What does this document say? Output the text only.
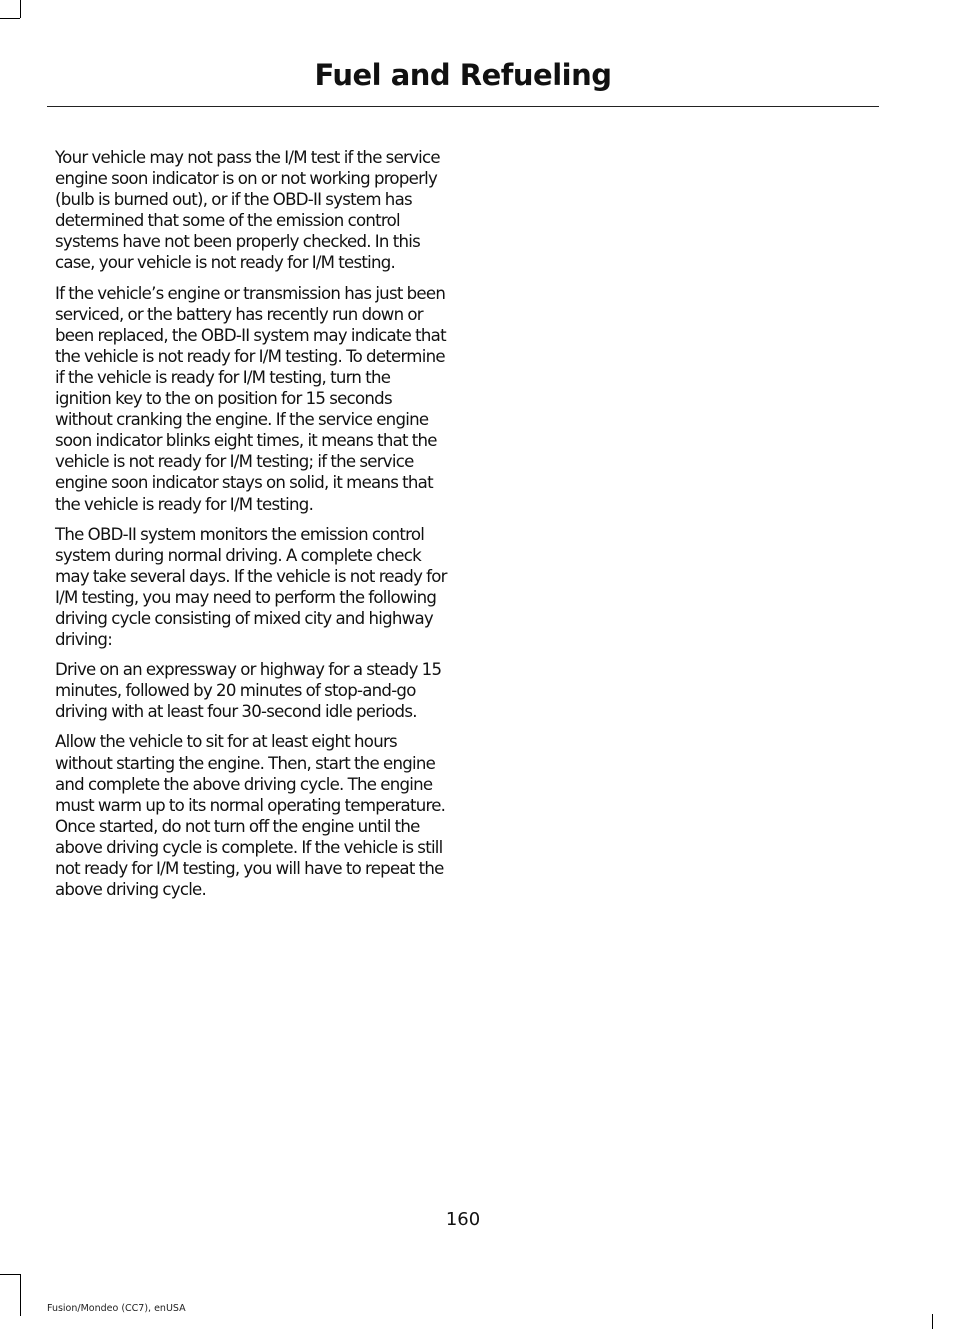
Fuel and Refueling

Your vehicle may not pass the I/M test if the service engine soon indicator is on or not working properly (bulb is burned out), or if the OBD-II system has determined that some of the emission control systems have not been properly checked. In this case, your vehicle is not ready for I/M testing.

If the vehicle’s engine or transmission has just been serviced, or the battery has recently run down or been replaced, the OBD-II system may indicate that the vehicle is not ready for I/M testing. To determine if the vehicle is ready for I/M testing, turn the ignition key to the on position for 15 seconds without cranking the engine. If the service engine soon indicator blinks eight times, it means that the vehicle is not ready for I/M testing; if the service engine soon indicator stays on solid, it means that the vehicle is ready for I/M testing.

The OBD-II system monitors the emission control system during normal driving. A complete check may take several days. If the vehicle is not ready for I/M testing, you may need to perform the following driving cycle consisting of mixed city and highway driving:

Drive on an expressway or highway for a steady 15 minutes, followed by 20 minutes of stop-and-go driving with at least four 30-second idle periods.

Allow the vehicle to sit for at least eight hours without starting the engine. Then, start the engine and complete the above driving cycle. The engine must warm up to its normal operating temperature. Once started, do not turn off the engine until the above driving cycle is complete. If the vehicle is still not ready for I/M testing, you will have to repeat the above driving cycle.

160
Fusion/Mondeo (CC7), enUSA
